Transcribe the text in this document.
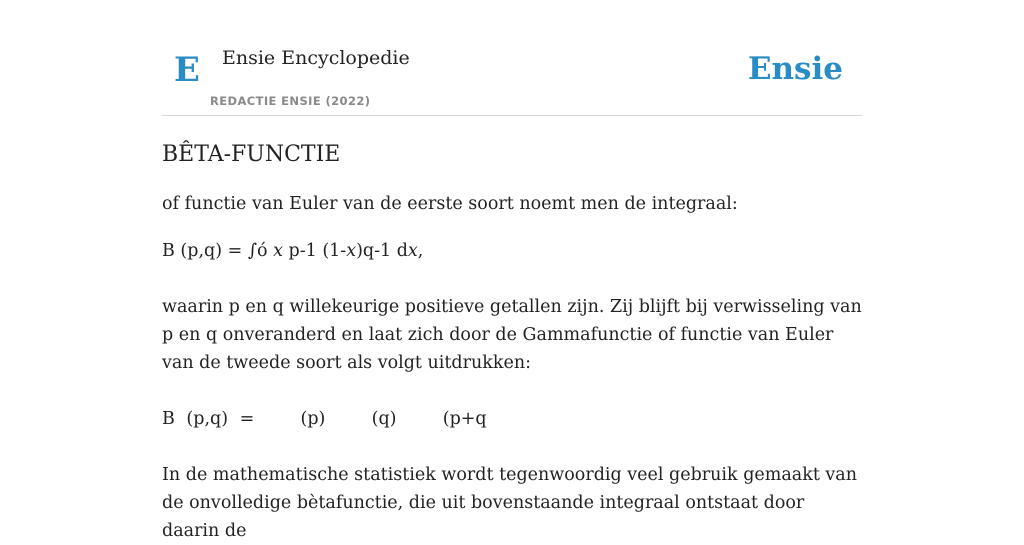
E Ensie Encyclopedie
REDACTIE ENSIE (2022)
Ensie
BÊTA-FUNCTIE

of functie van Euler van de eerste soort noemt men de integraal:

B (p,q) = ∫ó x p-1 (1-x)q-1 dx,

waarin p en q willekeurige positieve getallen zijn. Zij blijft bij verwisseling van p en q onveranderd en laat zich door de Gammafunctie of functie van Euler van de tweede soort als volgt uitdrukken:

B (p,q) =    (p)    (q)    (p+q

In de mathematische statistiek wordt tegenwoordig veel gebruik gemaakt van de onvolledige bètafunctie, die uit bovenstaande integraal ontstaat door daarin de
